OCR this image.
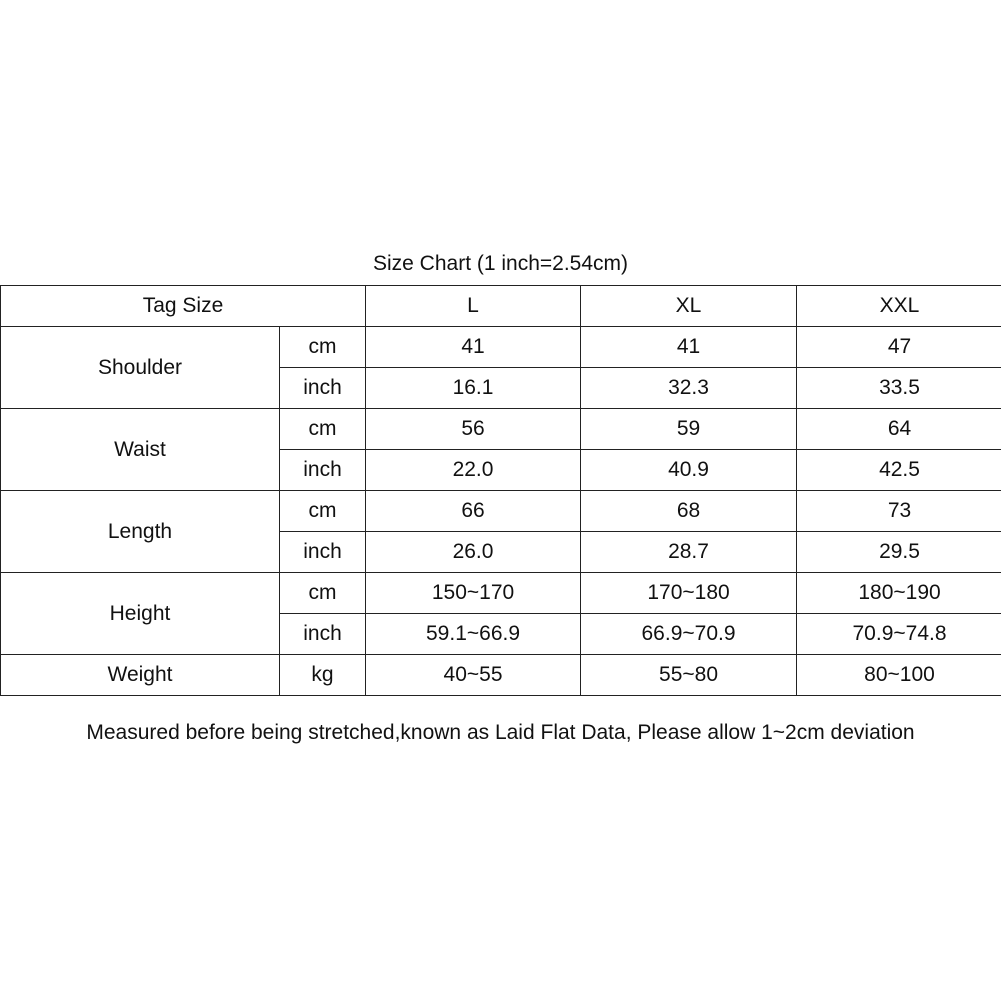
Size Chart (1 inch=2.54cm)
Tag Size		L	XL	XXL
Shoulder	cm	41	41	47
	inch	16.1	32.3	33.5
Waist	cm	56	59	64
	inch	22.0	40.9	42.5
Length	cm	66	68	73
	inch	26.0	28.7	29.5
Height	cm	150~170	170~180	180~190
	inch	59.1~66.9	66.9~70.9	70.9~74.8
Weight	kg	40~55	55~80	80~100
Measured before being stretched,known as Laid Flat Data, Please allow 1~2cm deviation
